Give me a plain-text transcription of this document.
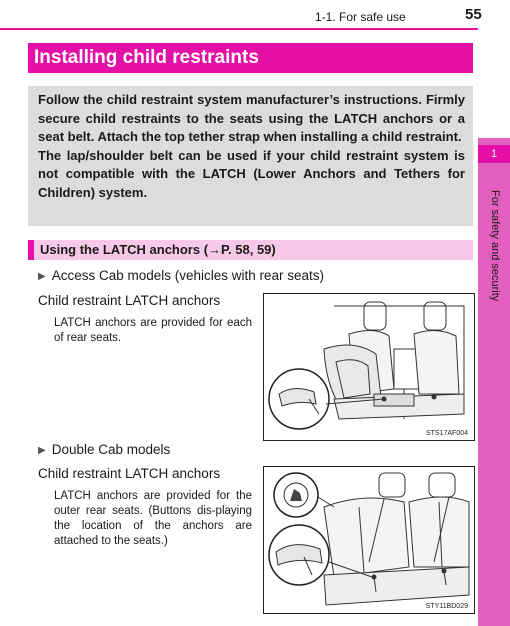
1-1. For safe use	55
Installing child restraints

Follow the child restraint system manufacturer’s instructions. Firmly secure child restraints to the seats using the LATCH anchors or a seat belt. Attach the top tether strap when installing a child restraint.

The lap/shoulder belt can be used if your child restraint system is not compatible with the LATCH (Lower Anchors and Tethers for Children) system.

Using the LATCH anchors (→P. 58, 59)
▶ Access Cab models (vehicles with rear seats)
Child restraint LATCH anchors
LATCH anchors are provided for each of rear seats.
STS17AF004
▶ Double Cab models
Child restraint LATCH anchors
LATCH anchors are provided for the outer rear seats. (Buttons dis-playing the location of the anchors are attached to the seats.)
STY11BD029
1
For safety and security
